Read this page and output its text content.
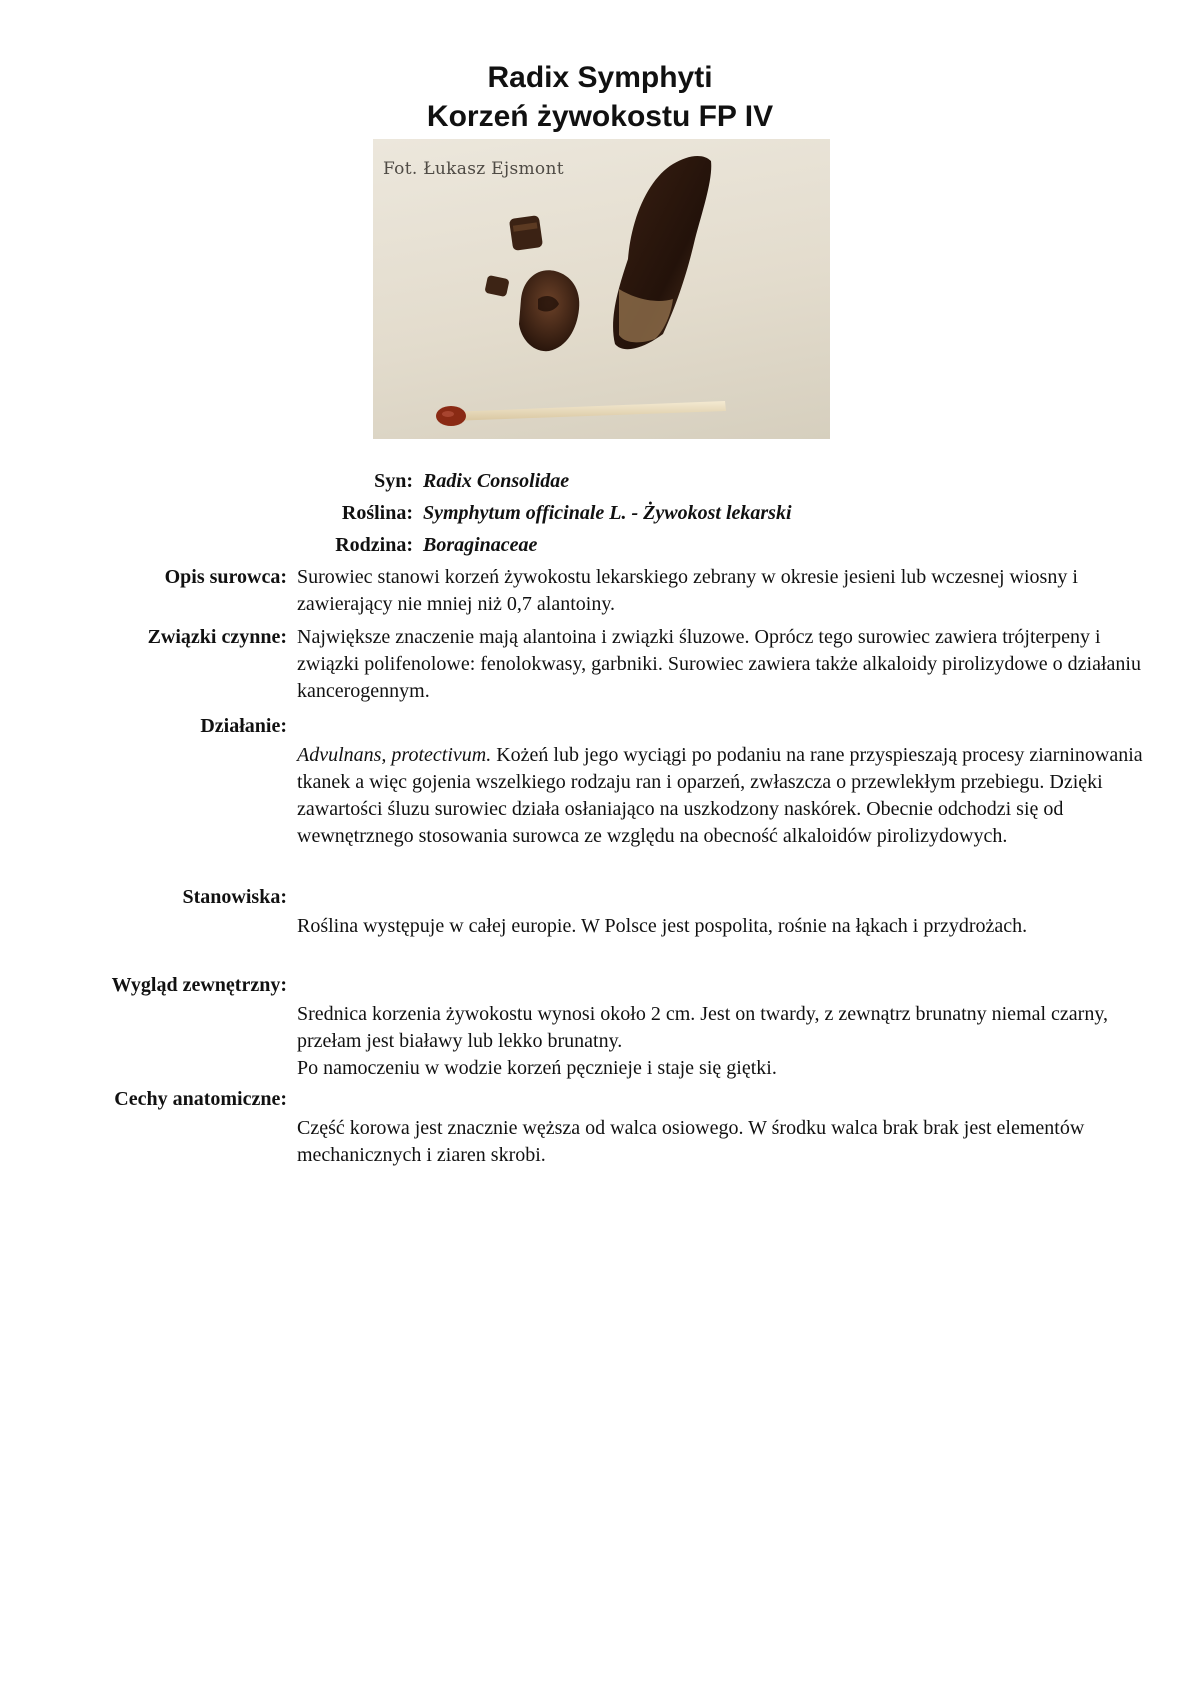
Radix Symphyti
Korzeń żywokostu FP IV
Fot. Łukasz Ejsmont
Syn: Radix Consolidae
Roślina: Symphytum officinale L. - Żywokost lekarski
Rodzina: Boraginaceae
Opis surowca: Surowiec stanowi korzeń żywokostu lekarskiego zebrany w okresie jesieni lub wczesnej wiosny i zawierający nie mniej niż 0,7 alantoiny.
Związki czynne: Największe znaczenie mają alantoina i związki śluzowe. Oprócz tego surowiec zawiera trójterpeny i związki polifenolowe: fenolokwasy, garbniki. Surowiec zawiera także alkaloidy pirolizydowe o działaniu kancerogennym.
Działanie:
Advulnans, protectivum. Kożeń lub jego wyciągi po podaniu na rane przyspieszają procesy ziarninowania tkanek a więc gojenia wszelkiego rodzaju ran i oparzeń, zwłaszcza o przewlekłym przebiegu. Dzięki zawartości śluzu surowiec działa osłaniająco na uszkodzony naskórek. Obecnie odchodzi się od wewnętrznego stosowania surowca ze względu na obecność alkaloidów pirolizydowych.
Stanowiska:
Roślina występuje w całej europie. W Polsce jest pospolita, rośnie na łąkach i przydrożach.
Wygląd zewnętrzny:

Srednica korzenia żywokostu wynosi około 2 cm. Jest on twardy, z zewnątrz brunatny niemal czarny, przełam jest białawy lub lekko brunatny.

Po namoczeniu w wodzie korzeń pęcznieje i staje się giętki.

Cechy anatomiczne:
Część korowa jest znacznie węższa od walca osiowego. W środku walca brak brak jest elementów mechanicznych i ziaren skrobi.
